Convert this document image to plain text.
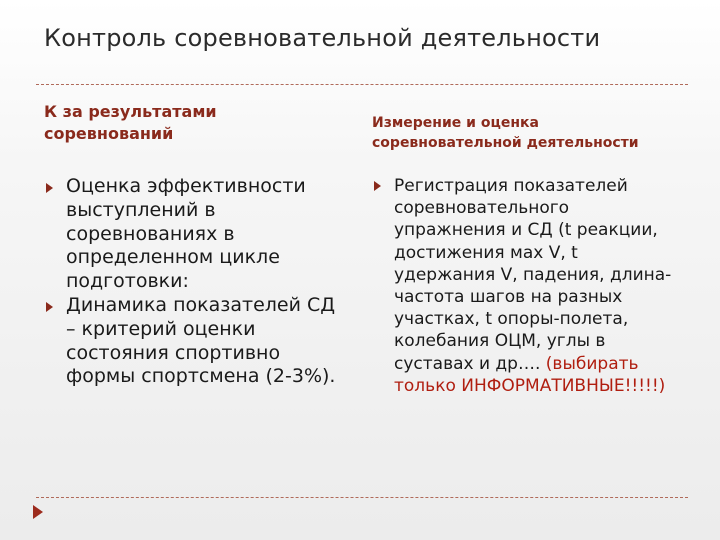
Контроль соревновательной деятельности
К за результатами соревнований
Измерение и оценка соревновательной деятельности
Оценка эффективности выступлений в соревнованиях в определенном цикле подготовки:
Динамика показателей СД – критерий оценки состояния спортивно формы спортсмена (2-3%).
Регистрация показателей соревновательного упражнения и СД (t реакции, достижения мах V, t удержания V, падения, длина-частота шагов на разных участках, t опоры-полета, колебания ОЦМ, углы в суставах и др…. (выбирать только ИНФОРМАТИВНЫЕ!!!!!)
